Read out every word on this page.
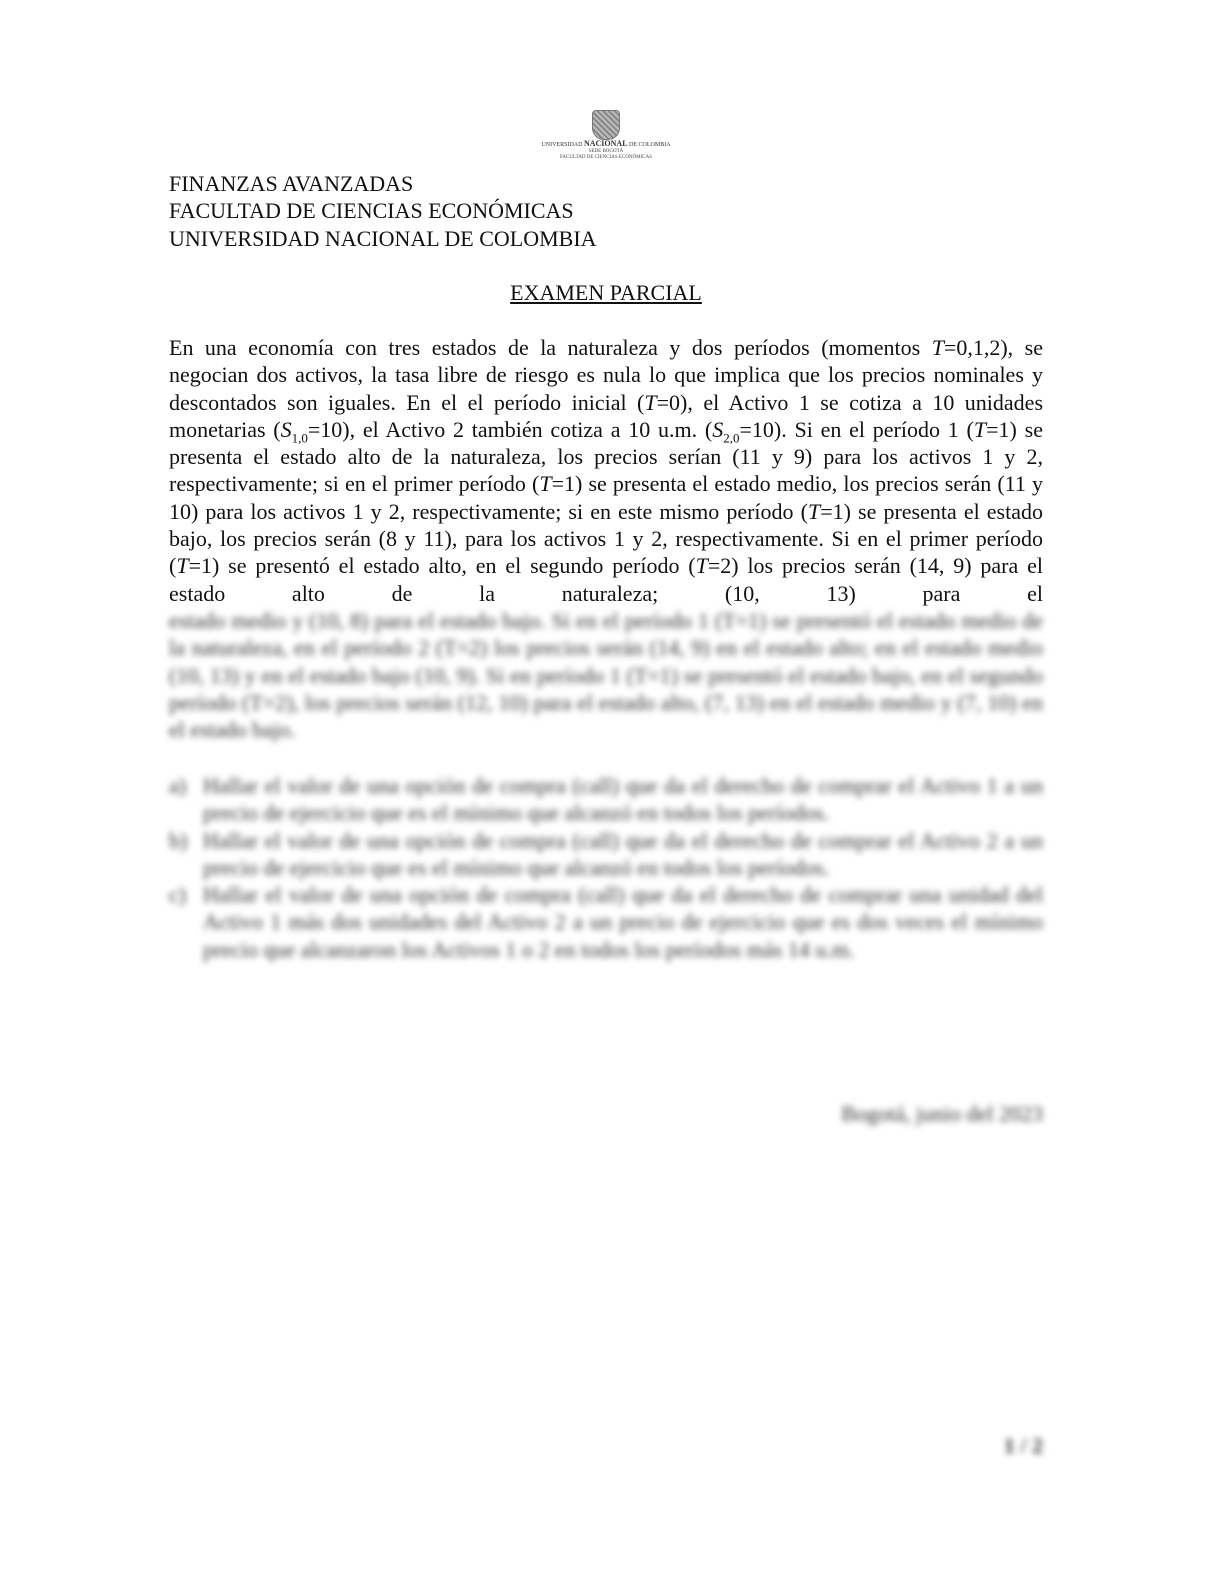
UNIVERSIDAD NACIONAL DE COLOMBIA
SEDE BOGOTÁ
FACULTAD DE CIENCIAS ECONÓMICAS
FINANZAS AVANZADAS
FACULTAD DE CIENCIAS ECONÓMICAS
UNIVERSIDAD NACIONAL DE COLOMBIA
EXAMEN PARCIAL
En una economía con tres estados de la naturaleza y dos períodos (momentos T=0,1,2), se negocian dos activos, la tasa libre de riesgo es nula lo que implica que los precios nominales y descontados son iguales. En el el período inicial (T=0), el Activo 1 se cotiza a 10 unidades monetarias $(S_{1,0}=10)$, el Activo 2 también cotiza a 10 u.m. $(S_{2,0}=10)$. Si en el período 1 (T=1) se presenta el estado alto de la naturaleza, los precios serían (11 y 9) para los activos 1 y 2, respectivamente; si en el primer período (T=1) se presenta el estado medio, los precios serán (11 y 10) para los activos 1 y 2, respectivamente; si en este mismo período (T=1) se presenta el estado bajo, los precios serán (8 y 11), para los activos 1 y 2, respectivamente. Si en el primer período (T=1) se presentó el estado alto, en el segundo período (T=2) los precios serán (14, 9) para el estado alto de la naturaleza; (10, 13) para el
estado medio y (10, 8) para el estado bajo. Si en el período 1 (T=1) se presentó el estado medio de la naturaleza, en el período 2 (T=2) los precios serán (14, 9) en el estado alto; en el estado medio (10, 13) y en el estado bajo (10, 9). Si en período 1 (T=1) se presentó el estado bajo, en el segundo período (T=2), los precios serán (12, 10) para el estado alto, (7, 13) en el estado medio y (7, 10) en el estado bajo.
a) Hallar el valor de una opción de compra (call) que da el derecho de comprar el Activo 1 a un precio de ejercicio que es el mínimo que alcanzó en todos los períodos.
b) Hallar el valor de una opción de compra (call) que da el derecho de comprar el Activo 2 a un precio de ejercicio que es el mínimo que alcanzó en todos los períodos.
c) Hallar el valor de una opción de compra (call) que da el derecho de comprar una unidad del Activo 1 más dos unidades del Activo 2 a un precio de ejercicio que es dos veces el mínimo precio que alcanzaron los Activos 1 o 2 en todos los períodos más 14 u.m.
Bogotá, junio del 2023
1 / 2
